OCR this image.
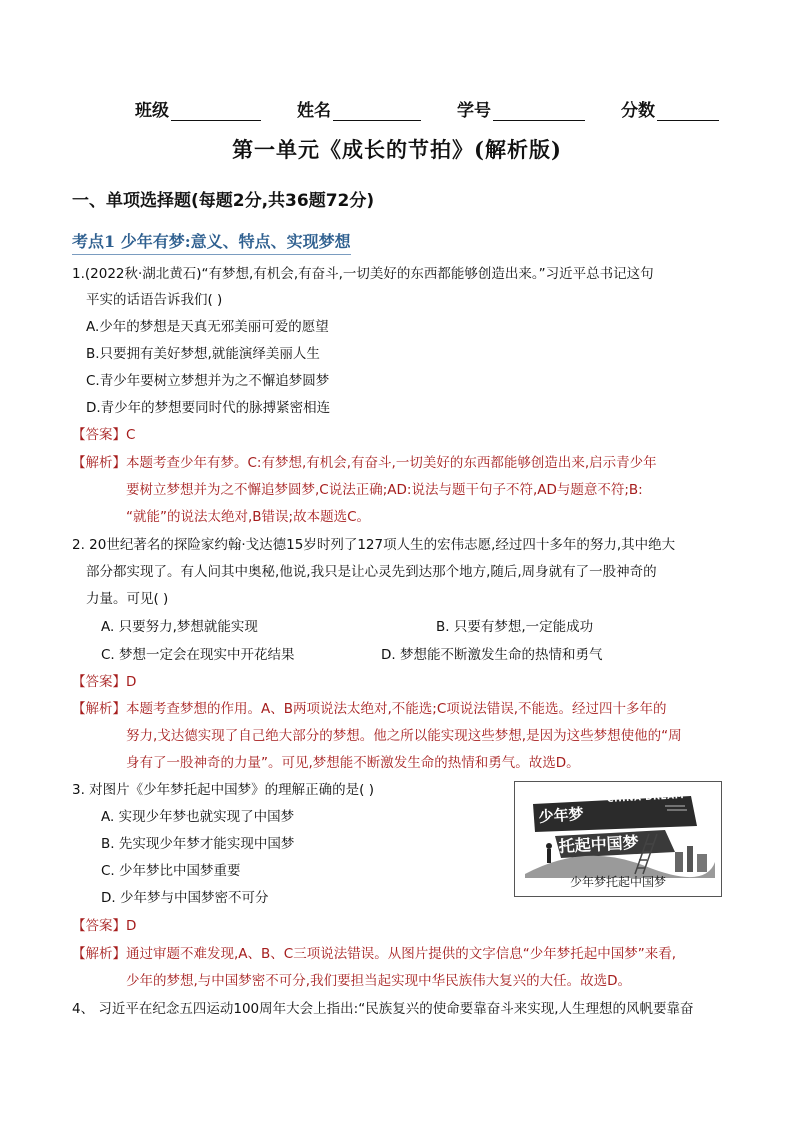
班级	姓名	学号	分数
第一单元《成长的节拍》(解析版)
一、单项选择题(每题2分,共36题72分)
考点1 少年有梦:意义、特点、实现梦想
1.(2022秋·湖北黄石)“有梦想,有机会,有奋斗,一切美好的东西都能够创造出来。”习近平总书记这句
平实的话语告诉我们( )
A.少年的梦想是天真无邪美丽可爱的愿望
B.只要拥有美好梦想,就能演绎美丽人生
C.青少年要树立梦想并为之不懈追梦圆梦
D.青少年的梦想要同时代的脉搏紧密相连
【答案】 C
【解析】 本题考查少年有梦。C:有梦想,有机会,有奋斗,一切美好的东西都能够创造出来,启示青少年
要树立梦想并为之不懈追梦圆梦,C说法正确;AD:说法与题干句子不符,AD与题意不符;B:
“就能”的说法太绝对,B错误;故本题选C。
2. 20世纪著名的探险家约翰·戈达德15岁时列了127项人生的宏伟志愿,经过四十多年的努力,其中绝大
部分都实现了。有人问其中奥秘,他说,我只是让心灵先到达那个地方,随后,周身就有了一股神奇的
力量。可见( )
A. 只要努力,梦想就能实现	B. 只要有梦想,一定能成功
C. 梦想一定会在现实中开花结果	D. 梦想能不断激发生命的热情和勇气
【答案】 D
【解析】 本题考查梦想的作用。A、B两项说法太绝对,不能选;C项说法错误,不能选。经过四十多年的
努力,戈达德实现了自己绝大部分的梦想。他之所以能实现这些梦想,是因为这些梦想使他的“周
身有了一股神奇的力量”。可见,梦想能不断激发生命的热情和勇气。故选D。
3. 对图片《少年梦托起中国梦》的理解正确的是( )
A. 实现少年梦也就实现了中国梦
B. 先实现少年梦才能实现中国梦
C. 少年梦比中国梦重要
D. 少年梦与中国梦密不可分
少年梦
托起中国梦
CHINA DREAM
少年梦托起中国梦
【答案】 D
【解析】 通过审题不难发现,A、B、C三项说法错误。从图片提供的文字信息“少年梦托起中国梦”来看,
少年的梦想,与中国梦密不可分,我们要担当起实现中华民族伟大复兴的大任。故选D。
4、 习近平在纪念五四运动100周年大会上指出:“民族复兴的使命要靠奋斗来实现,人生理想的风帆要靠奋
